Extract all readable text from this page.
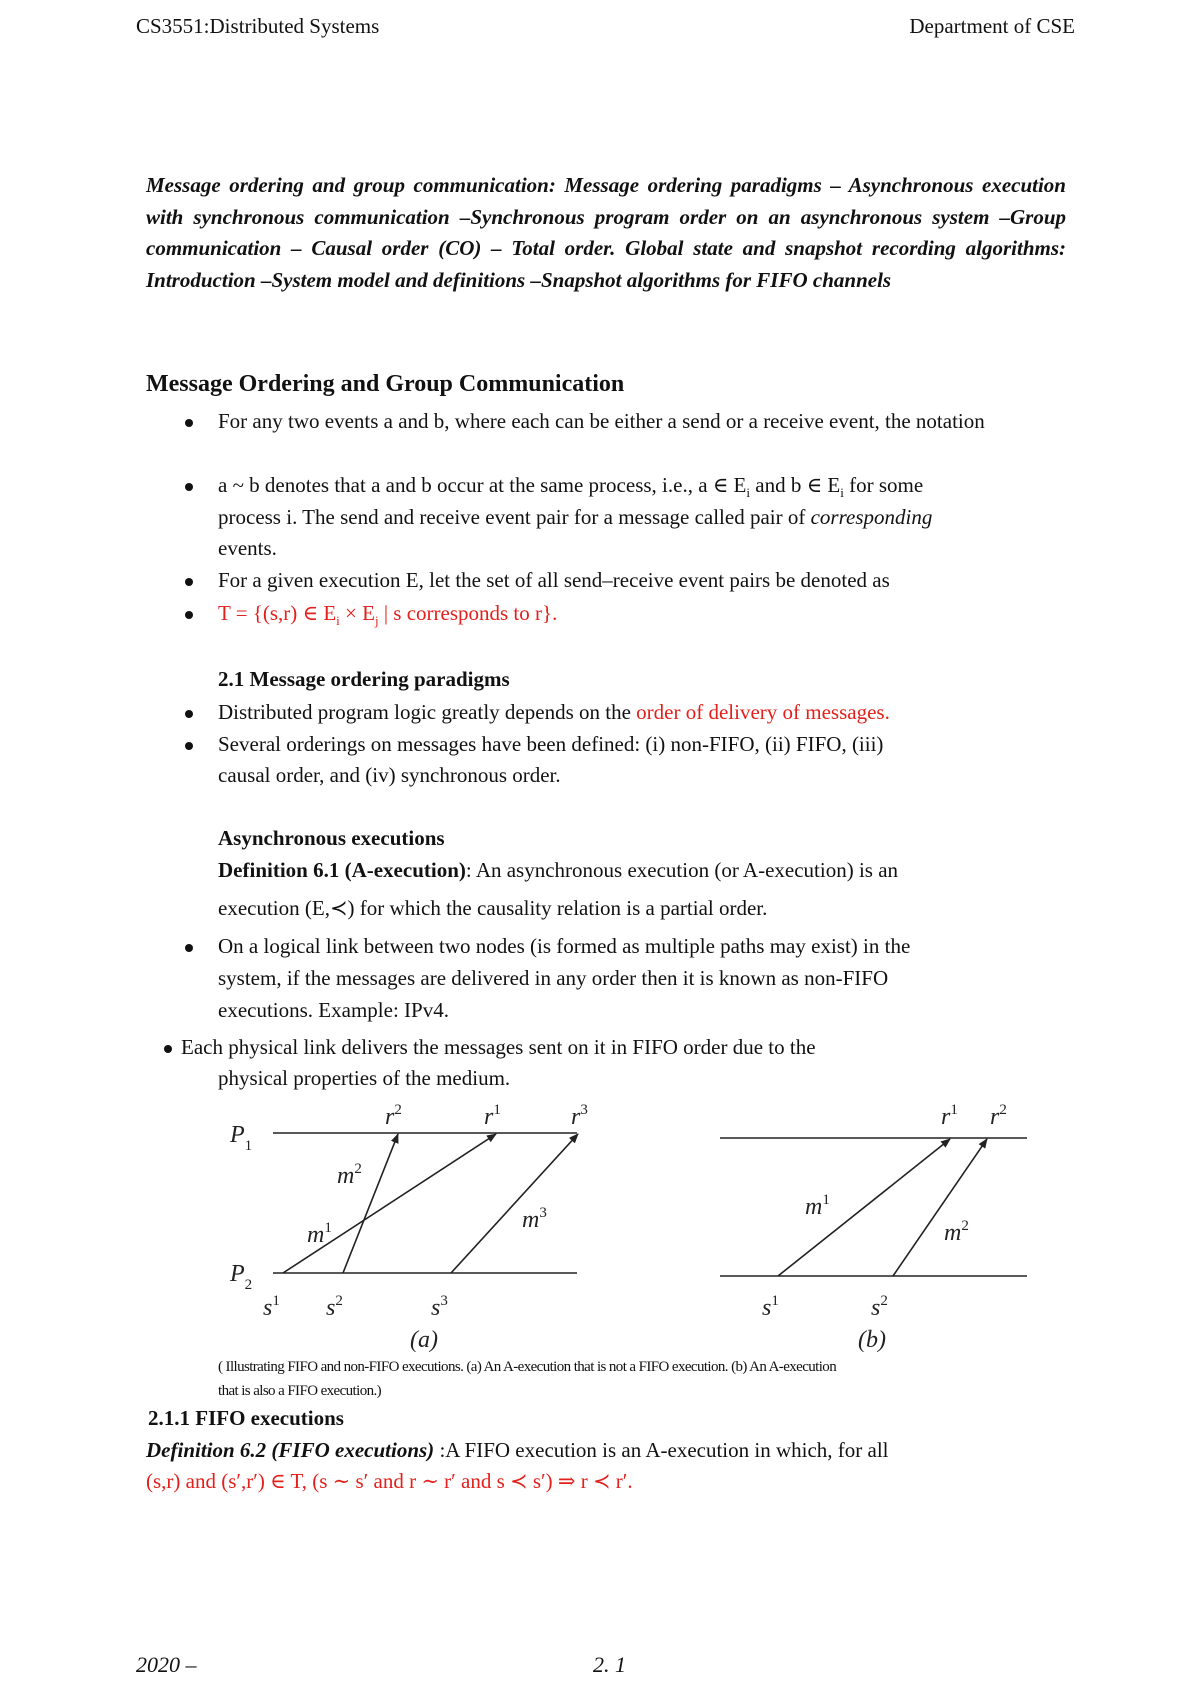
CS3551:Distributed Systems	Department of CSE
Message ordering and group communication: Message ordering paradigms – Asynchronous execution with synchronous communication –Synchronous program order on an asynchronous system –Group communication – Causal order (CO) – Total order. Global state and snapshot recording algorithms: Introduction –System model and definitions –Snapshot algorithms for FIFO channels
Message Ordering and Group Communication
For any two events a and b, where each can be either a send or a receive event, the notation
a ~ b denotes that a and b occur at the same process, i.e., a ∈ $E_i$ and b ∈ $E_i$ for some
process i. The send and receive event pair for a message called pair of corresponding
events.
For a given execution E, let the set of all send–receive event pairs be denoted as
T = {(s,r) ∈ $E_i \times E_j$ | s corresponds to r}.
2.1 Message ordering paradigms
Distributed program logic greatly depends on the order of delivery of messages.
Several orderings on messages have been defined: (i) non-FIFO, (ii) FIFO, (iii)
causal order, and (iv) synchronous order.
Asynchronous executions
Definition 6.1 (A-execution): An asynchronous execution (or A-execution) is an
execution (E,≺) for which the causality relation is a partial order.
On a logical link between two nodes (is formed as multiple paths may exist) in the
system, if the messages are delivered in any order then it is known as non-FIFO
executions. Example: IPv4.
Each physical link delivers the messages sent on it in FIFO order due to the
physical properties of the medium.
$P_1$
$P_2$
$r^2$	$r^1$	$r^3$
$m^2$
$m^1$	$m^3$
$s^1$ $s^2$	$s^3$
(a)
$r^1$ $r^2$
$m^1$
$m^2$
$s^1$	$s^2$
(b)
( Illustrating FIFO and non-FIFO executions. (a) An A-execution that is not a FIFO execution. (b) An A-execution
that is also a FIFO execution.)
2.1.1 FIFO executions
Definition 6.2 (FIFO executions) :A FIFO execution is an A-execution in which, for all
(s,r) and (s′,r′) ∈ T, (s ∼ s′ and r ∼ r′ and s ≺ s′) ⇒ r ≺ r′.
2020 –	2. 1
